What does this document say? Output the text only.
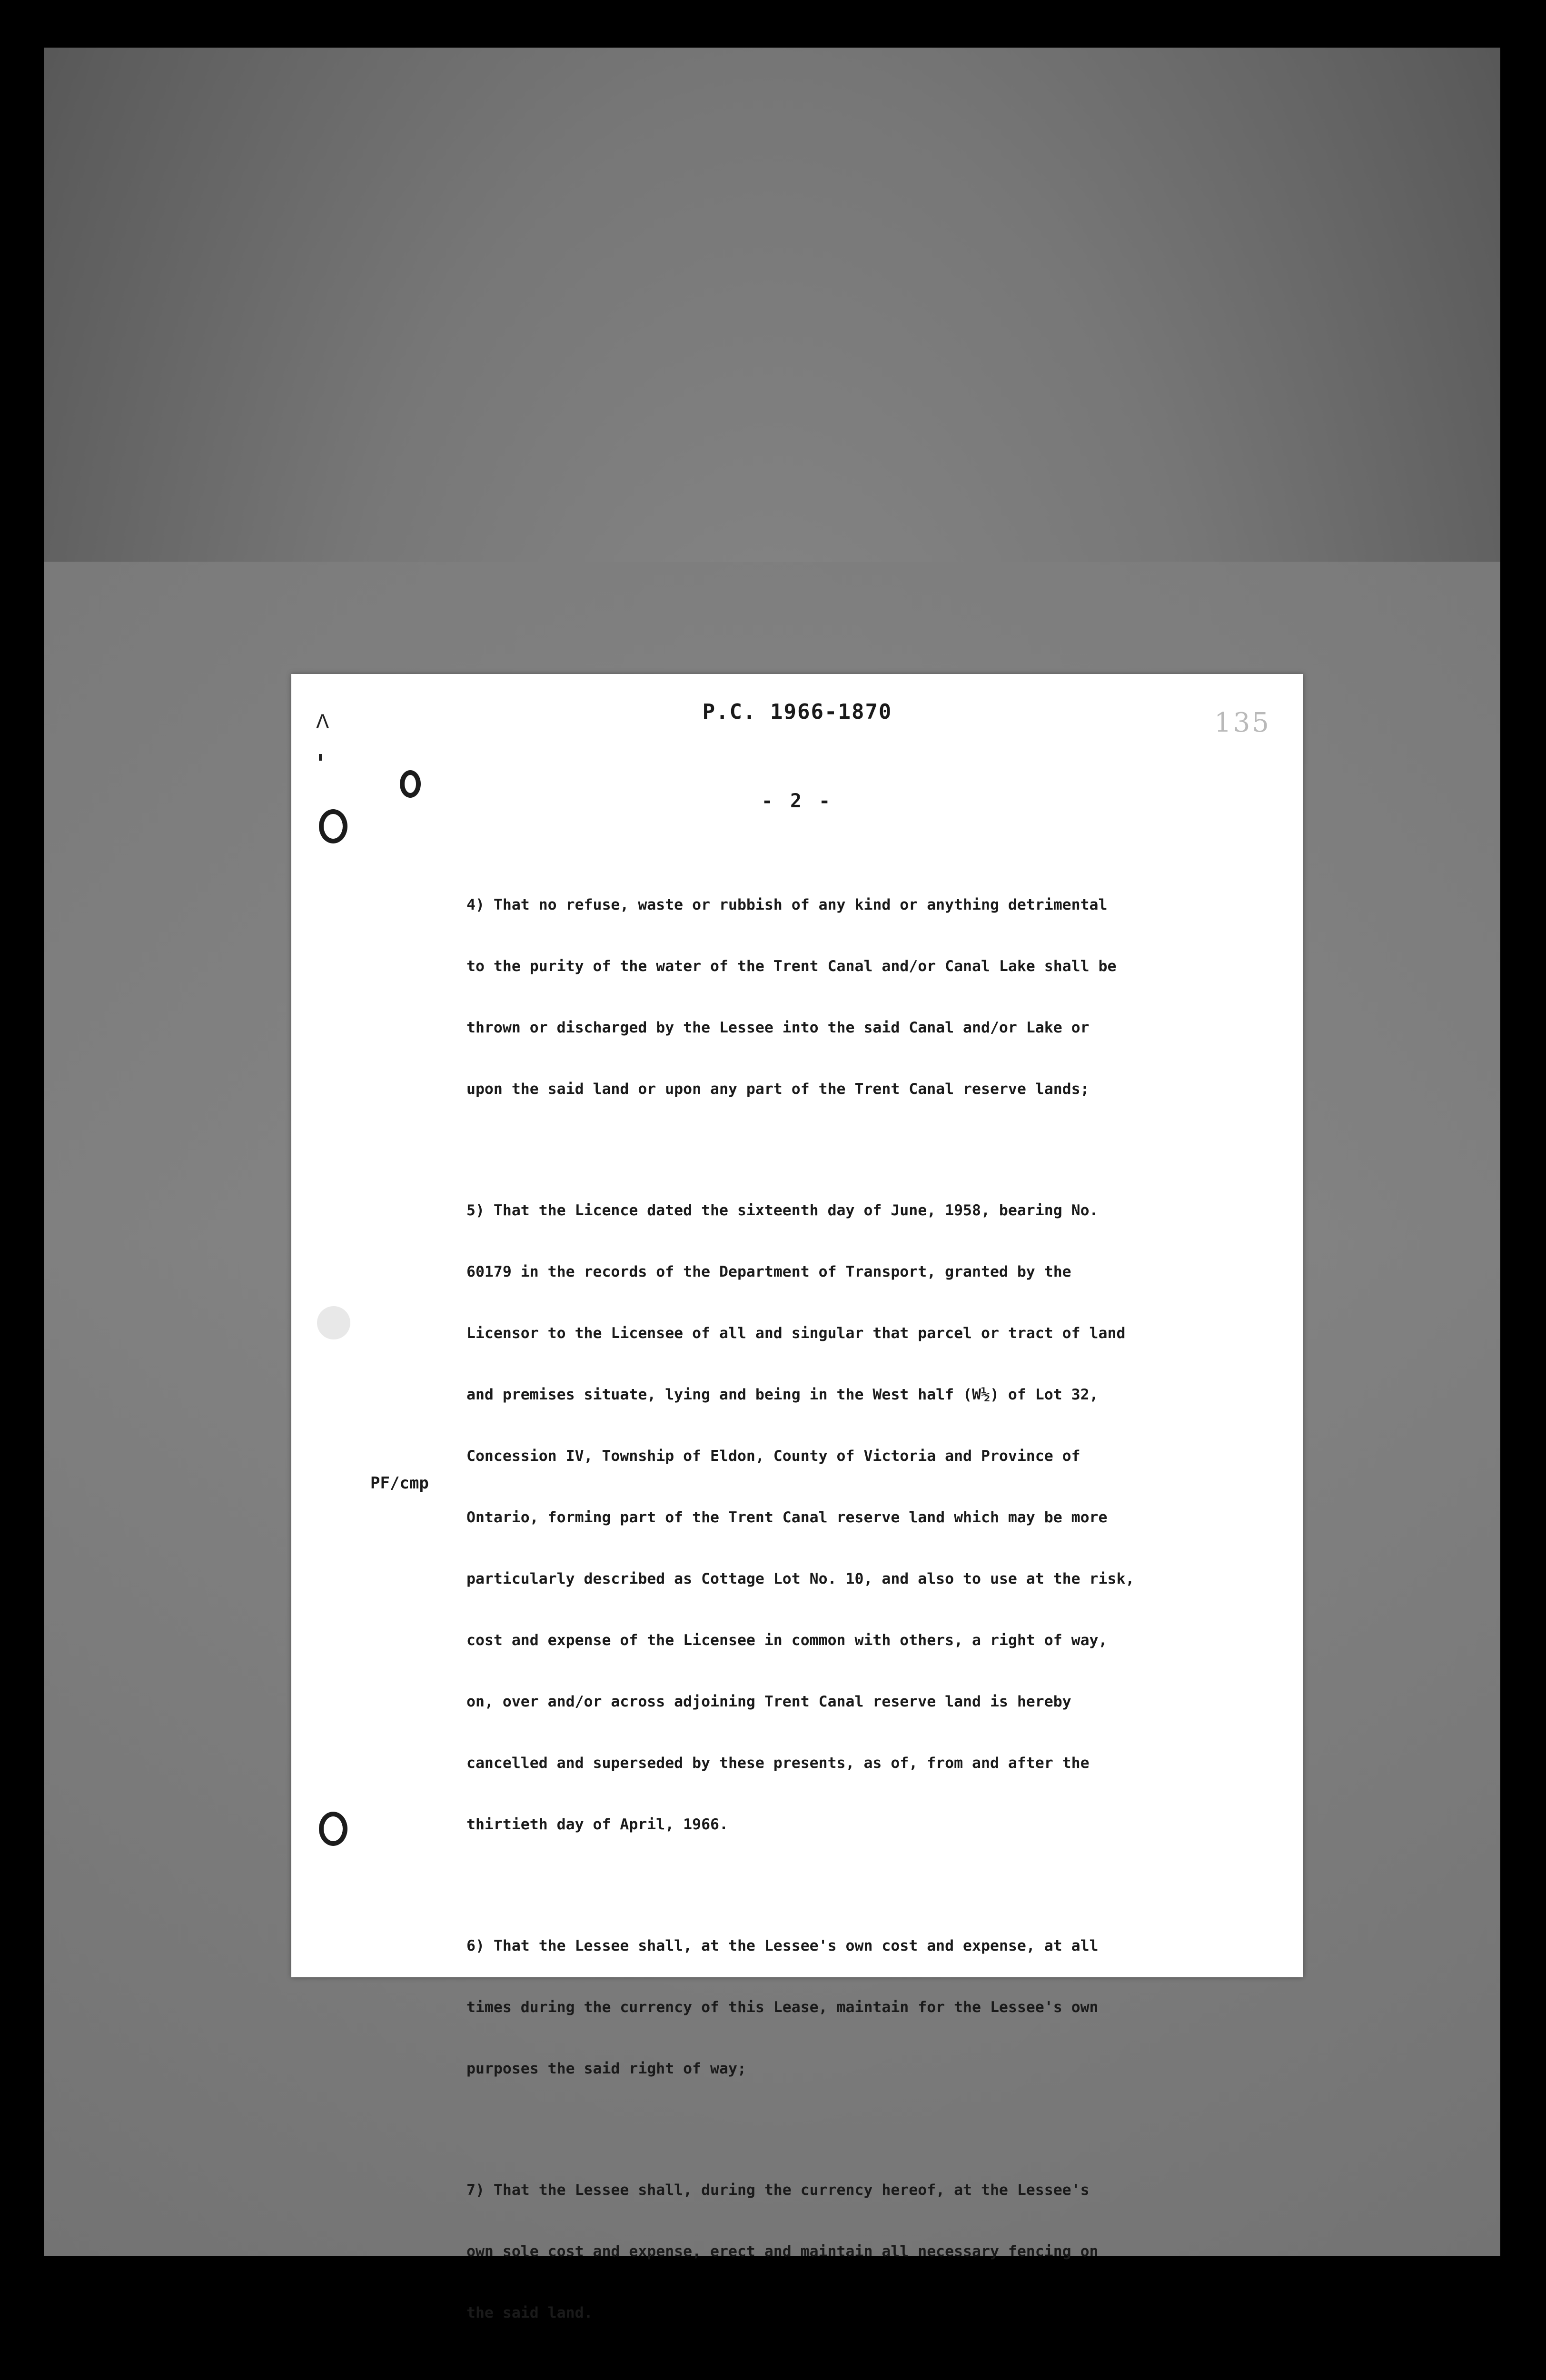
ᐱ	P.C. 1966-1870	135
- 2 -

4) That no refuse, waste or rubbish of any kind or anything detrimental

to the purity of the water of the Trent Canal and/or Canal Lake shall be

thrown or discharged by the Lessee into the said Canal and/or Lake or

upon the said land or upon any part of the Trent Canal reserve lands;

5) That the Licence dated the sixteenth day of June, 1958, bearing No.

60179 in the records of the Department of Transport, granted by the

Licensor to the Licensee of all and singular that parcel or tract of land

and premises situate, lying and being in the West half (W½) of Lot 32,

Concession IV, Township of Eldon, County of Victoria and Province of

Ontario, forming part of the Trent Canal reserve land which may be more

particularly described as Cottage Lot No. 10, and also to use at the risk,

cost and expense of the Licensee in common with others, a right of way,

on, over and/or across adjoining Trent Canal reserve land is hereby

cancelled and superseded by these presents, as of, from and after the

thirtieth day of April, 1966.

6) That the Lessee shall, at the Lessee's own cost and expense, at all

times during the currency of this Lease, maintain for the Lessee's own

purposes the said right of way;

7) That the Lessee shall, during the currency hereof, at the Lessee's

own sole cost and expense, erect and maintain all necessary fencing on

the said land.

PF/cmp
